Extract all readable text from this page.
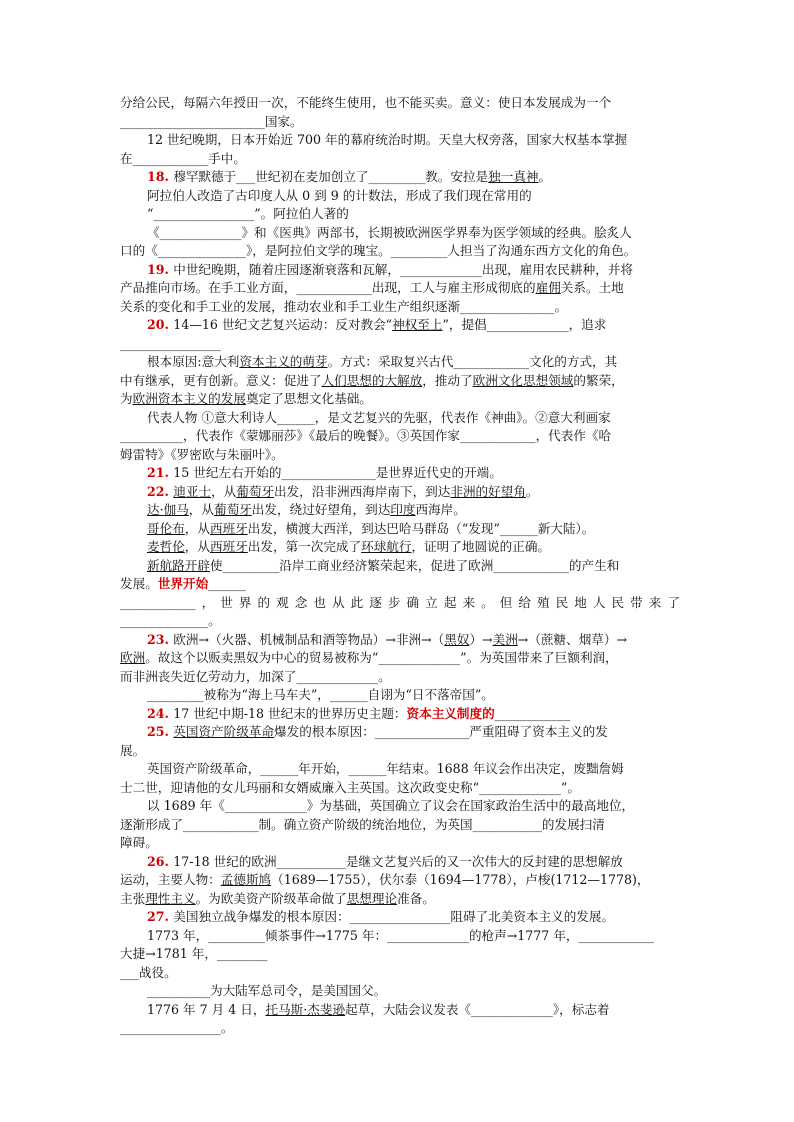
分给公民，每隔六年授田一次，不能终生使用，也不能买卖。意义：使日本发展成为一个
_______________________国家。
12 世纪晚期，日本开始近 700 年的幕府统治时期。天皇大权旁落，国家大权基本掌握
在____________手中。
18. 穆罕默德于___世纪初在麦加创立了_________教。安拉是独一真神。
阿拉伯人改造了古印度人从 0 到 9 的计数法，形成了我们现在常用的
“________________”。阿拉伯人著的
《_____________》和《医典》两部书，长期被欧洲医学界奉为医学领域的经典。脍炙人
口的《______________》，是阿拉伯文学的瑰宝。_________人担当了沟通东西方文化的角色。
19. 中世纪晚期，随着庄园逐渐衰落和瓦解，_____________出现，雇用农民耕种，并将
产品推向市场。在手工业方面，____________出现，工人与雇主形成彻底的雇佣关系。土地
关系的变化和手工业的发展，推动农业和手工业生产组织逐渐_______________。
20. 14—16 世纪文艺复兴运动：反对教会“神权至上”，提倡_____________，追求
________________
根本原因:意大利资本主义的萌芽。方式：采取复兴古代____________文化的方式，其
中有继承，更有创新。意义：促进了人们思想的大解放，推动了欧洲文化思想领域的繁荣，
为欧洲资本主义的发展奠定了思想文化基础。
代表人物 ①意大利诗人______，是文艺复兴的先驱，代表作《神曲》。②意大利画家
__________，代表作《蒙娜丽莎》《最后的晚餐》。③英国作家____________，代表作《哈
姆雷特》《罗密欧与朱丽叶》。
21. 15 世纪左右开始的_______________是世界近代史的开端。
22. 迪亚士，从葡萄牙出发，沿非洲西海岸南下，到达非洲的好望角。
达·伽马，从葡萄牙出发，绕过好望角，到达印度西海岸。
哥伦布，从西班牙出发，横渡大西洋，到达巴哈马群岛（“发现”______新大陆）。
麦哲伦，从西班牙出发，第一次完成了环球航行，证明了地圆说的正确。
新航路开辟使_________沿岸工商业经济繁荣起来，促进了欧洲____________的产生和
发展。世界开始______
____________，世界的观念也从此逐步确立起来。但给殖民地人民带来了
______________。
23. 欧洲→（火器、机械制品和酒等物品）→非洲→（黑奴）→美洲→（蔗糖、烟草）→
欧洲。故这个以贩卖黑奴为中心的贸易被称为“_____________”。为英国带来了巨额利润，
而非洲丧失近亿劳动力，加深了_____________。
_________被称为“海上马车夫”，______自诩为“日不落帝国”。
24. 17 世纪中期-18 世纪末的世界历史主题：资本主义制度的____________
25. 英国资产阶级革命爆发的根本原因：_______________严重阻碍了资本主义的发
展。
英国资产阶级革命，______年开始，______年结束。1688 年议会作出决定，废黜詹姆
士二世，迎请他的女儿玛丽和女婿威廉入主英国。这次政变史称“_____________”。
以 1689 年《_____________》为基础，英国确立了议会在国家政治生活中的最高地位，
逐渐形成了____________制。确立资产阶级的统治地位，为英国___________的发展扫清
障碍。
26. 17-18 世纪的欧洲___________是继文艺复兴后的又一次伟大的反封建的思想解放
运动，主要人物：孟德斯鸠（1689—1755），伏尔泰（1694—1778），卢梭(1712—1778)，
主张理性主义。为欧美资产阶级革命做了思想理论准备。
27. 美国独立战争爆发的根本原因：________________阻碍了北美资本主义的发展。
1773 年，_________倾茶事件→1775 年：_____________的枪声→1777 年，____________
大捷→1781 年，________
___战役。
__________为大陆军总司令，是美国国父。
1776 年 7 月 4 日，托马斯·杰斐逊起草，大陆会议发表《_____________》，标志着
________________。
